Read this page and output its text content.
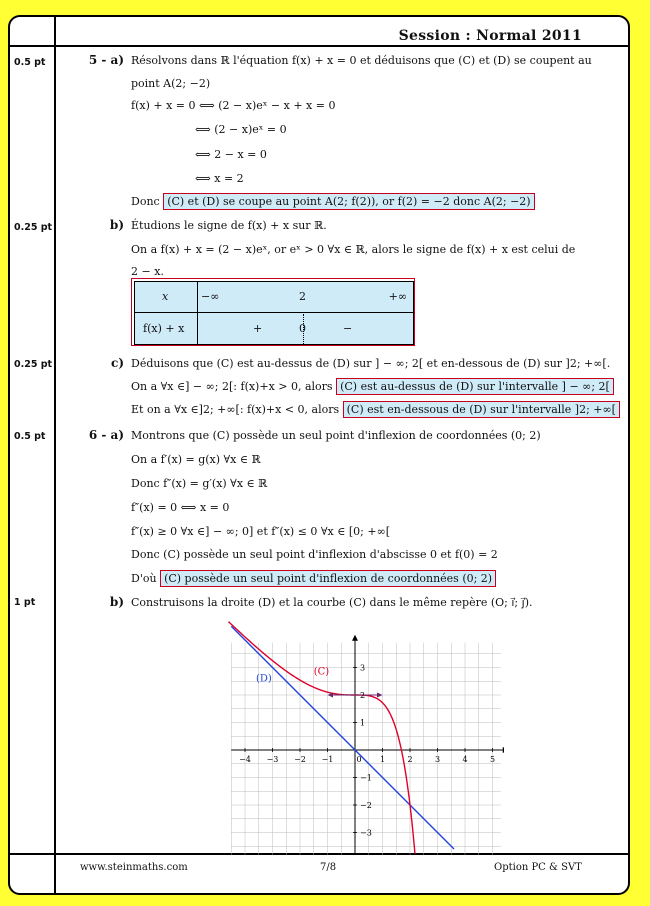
Session : Normal 2011
0.5 pt
0.25 pt
0.25 pt
0.5 pt
1 pt
5 - a) Résolvons dans ℝ l'équation f(x) + x = 0 et déduisons que (C) et (D) se coupent au
point A(2; −2)
f(x) + x = 0 ⟺ (2 − x)eˣ − x + x = 0
⟺ (2 − x)eˣ = 0
⟺ 2 − x = 0
⟺ x = 2
Donc (C) et (D) se coupe au point A(2; f(2)), or f(2) = −2 donc A(2; −2)
b) Étudions le signe de f(x) + x sur ℝ.
On a f(x) + x = (2 − x)eˣ, or eˣ > 0 ∀x ∈ ℝ, alors le signe de f(x) + x est celui de
2 − x.
x	−∞	2	+∞
f(x) + x	+	0	−
c) Déduisons que (C) est au-dessus de (D) sur ] − ∞; 2[ et en-dessous de (D) sur ]2; +∞[.
On a ∀x ∈] − ∞; 2[: f(x)+x > 0, alors (C) est au-dessus de (D) sur l'intervalle ] − ∞; 2[
Et on a ∀x ∈]2; +∞[: f(x)+x < 0, alors (C) est en-dessous de (D) sur l'intervalle ]2; +∞[
6 - a) Montrons que (C) possède un seul point d'inflexion de coordonnées (0; 2)
On a f′(x) = g(x) ∀x ∈ ℝ
Donc f″(x) = g′(x) ∀x ∈ ℝ
f″(x) = 0 ⟺ x = 0
f″(x) ≥ 0 ∀x ∈] − ∞; 0] et f″(x) ≤ 0 ∀x ∈ [0; +∞[
Donc (C) possède un seul point d'inflexion d'abscisse 0 et f(0) = 2
D'où (C) possède un seul point d'inflexion de coordonnées (0; 2)
b) Construisons la droite (D) et la courbe (C) dans le même repère (O; i⃗; j⃗).
−4 −3 −2 −1	0 1	2	3	4	5
3
2
1
−1
−2
−3
(D)
(C)
www.steinmaths.com	7/8	Option PC & SVT
